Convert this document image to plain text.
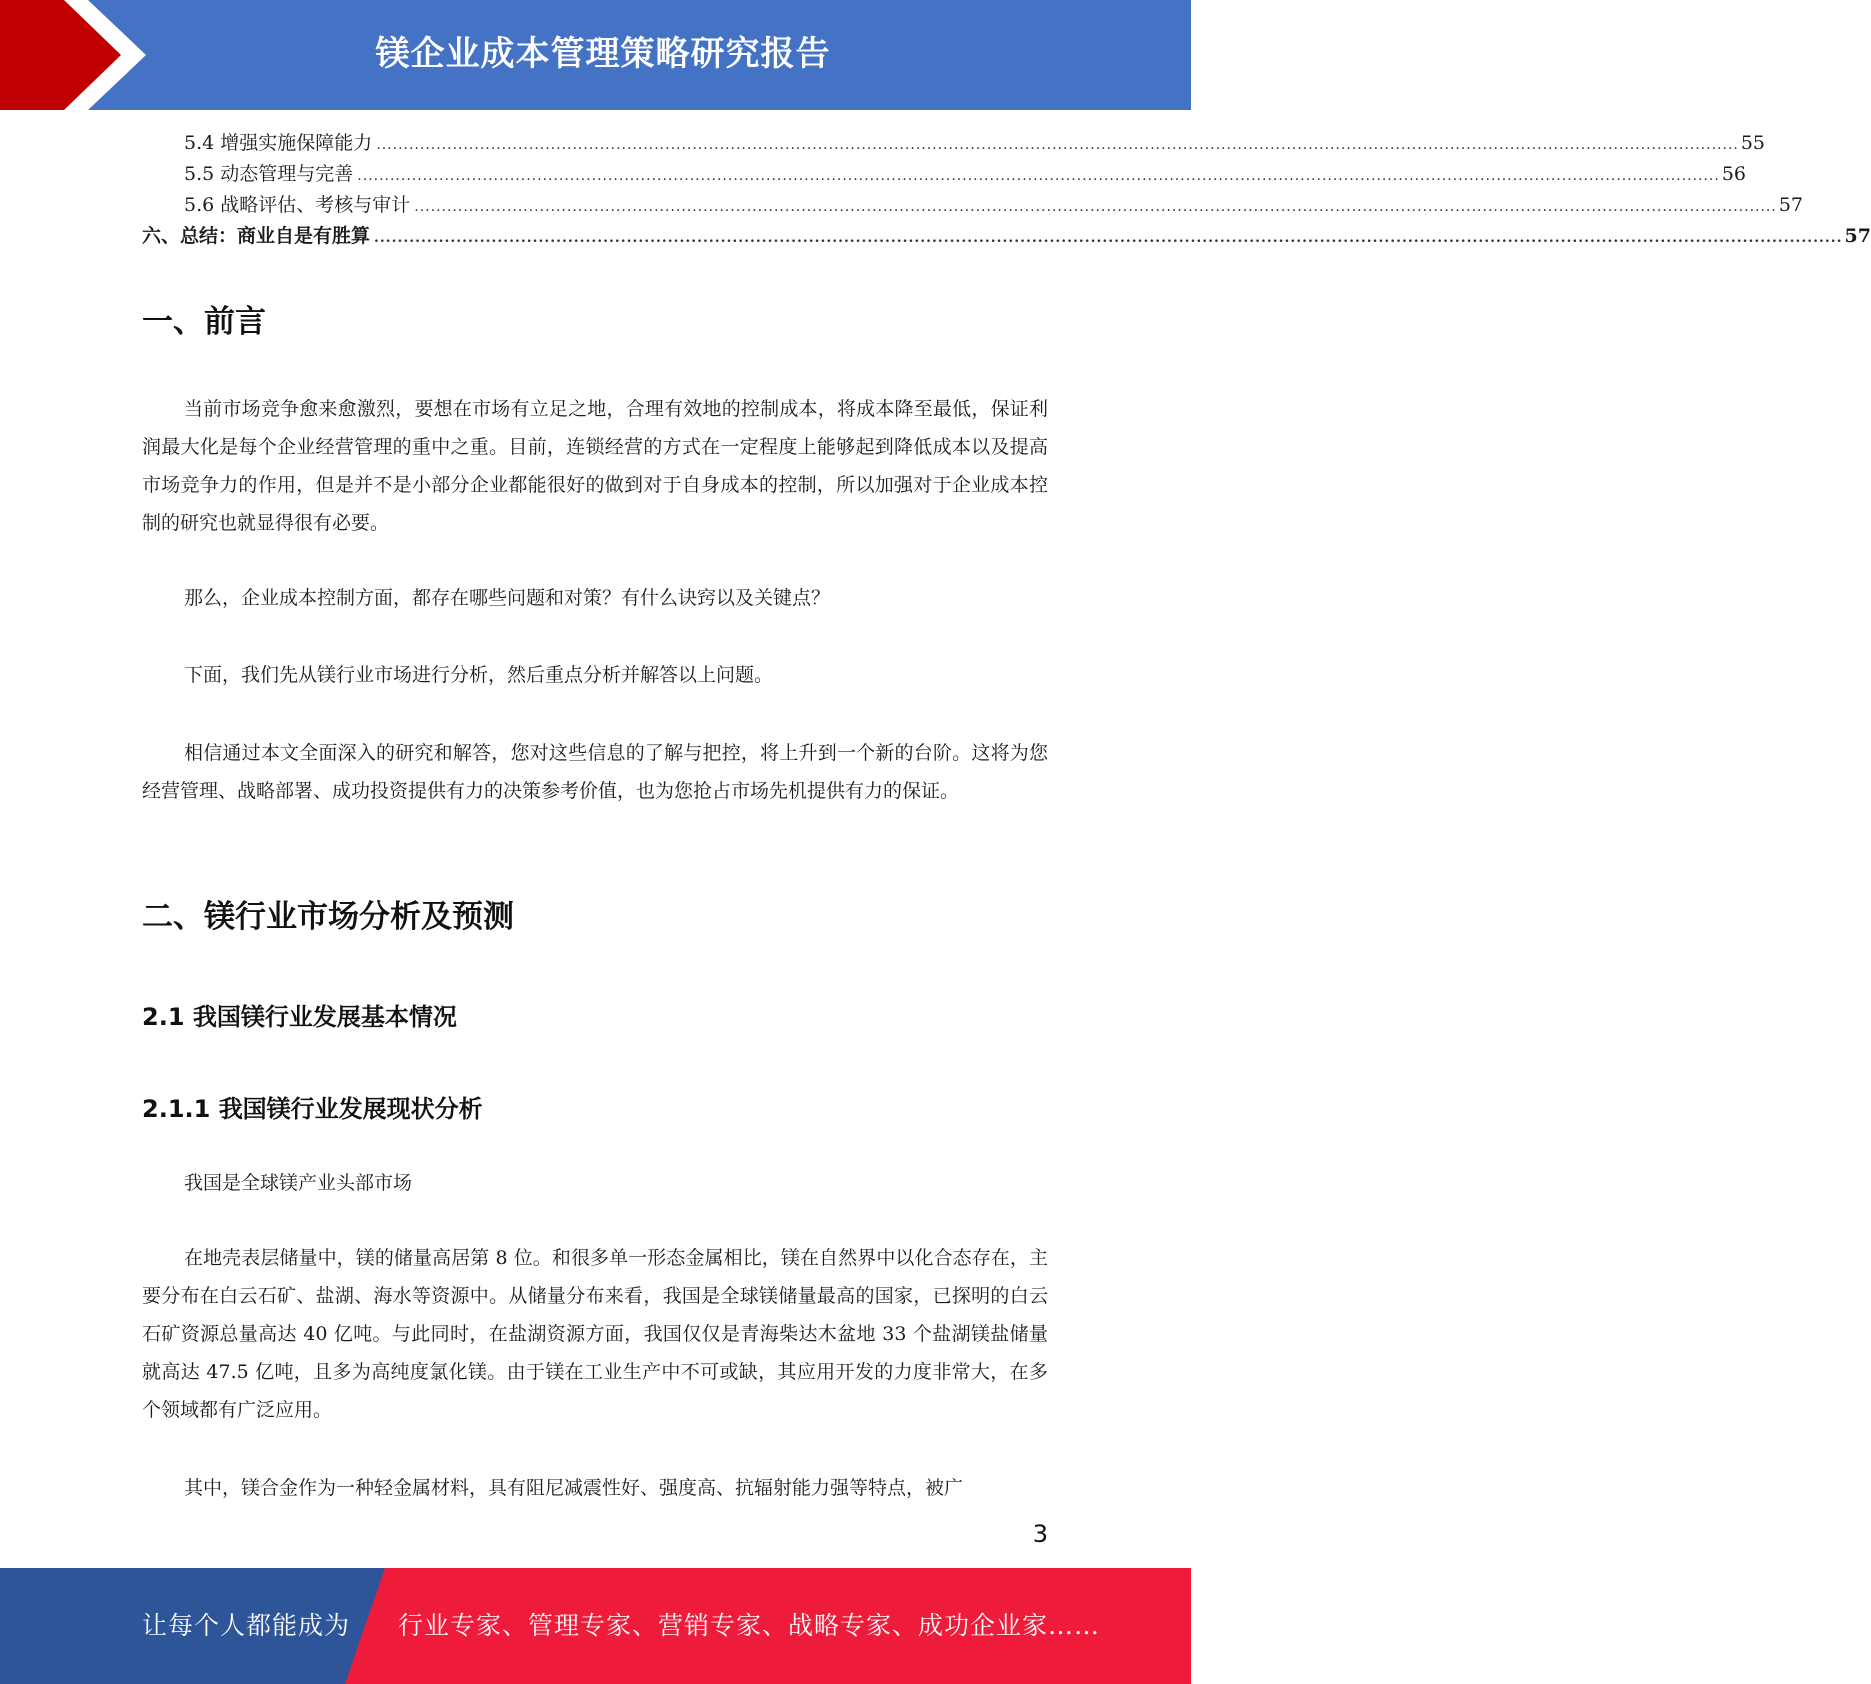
镁企业成本管理策略研究报告
5.4 增强实施保障能力 .......................................................................................................................................................................................................................................................... 55
5.5 动态管理与完善 .......................................................................................................................................................................................................................................................... 56
5.6 战略评估、考核与审计 .......................................................................................................................................................................................................................................................... 57
六、总结：商业自是有胜算 .......................................................................................................................................................................................................................................................... 57
一、前言

当前市场竞争愈来愈激烈，要想在市场有立足之地，合理有效地的控制成本，将成本降至最低，保证利润最大化是每个企业经营管理的重中之重。目前，连锁经营的方式在一定程度上能够起到降低成本以及提高市场竞争力的作用，但是并不是小部分企业都能很好的做到对于自身成本的控制，所以加强对于企业成本控制的研究也就显得很有必要。

那么，企业成本控制方面，都存在哪些问题和对策？有什么诀窍以及关键点？

下面，我们先从镁行业市场进行分析，然后重点分析并解答以上问题。

相信通过本文全面深入的研究和解答，您对这些信息的了解与把控，将上升到一个新的台阶。这将为您经营管理、战略部署、成功投资提供有力的决策参考价值，也为您抢占市场先机提供有力的保证。

二、镁行业市场分析及预测
2.1 我国镁行业发展基本情况
2.1.1 我国镁行业发展现状分析

我国是全球镁产业头部市场

在地壳表层储量中，镁的储量高居第 8 位。和很多单一形态金属相比，镁在自然界中以化合态存在，主要分布在白云石矿、盐湖、海水等资源中。从储量分布来看，我国是全球镁储量最高的国家，已探明的白云石矿资源总量高达 40 亿吨。与此同时，在盐湖资源方面，我国仅仅是青海柴达木盆地 33 个盐湖镁盐储量就高达 47.5 亿吨，且多为高纯度氯化镁。由于镁在工业生产中不可或缺，其应用开发的力度非常大，在多个领域都有广泛应用。

其中，镁合金作为一种轻金属材料，具有阻尼减震性好、强度高、抗辐射能力强等特点，被广

3
让每个人都能成为 行业专家、管理专家、营销专家、战略专家、成功企业家……
